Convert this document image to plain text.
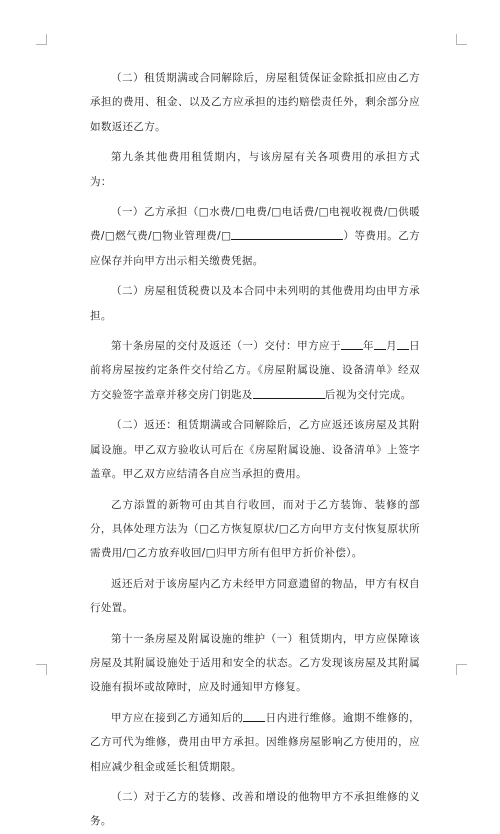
（二）租赁期满或合同解除后，房屋租赁保证金除抵扣应由乙方承担的费用、租金、以及乙方应承担的违约赔偿责任外，剩余部分应如数返还乙方。

第九条其他费用租赁期内，与该房屋有关各项费用的承担方式为：

（一）乙方承担（□水费/□电费/□电话费/□电视收视费/□供暖费/□燃气费/□物业管理费/□	）等费用。乙方应保存并向甲方出示相关缴费凭据。

（二）房屋租赁税费以及本合同中未列明的其他费用均由甲方承担。

第十条房屋的交付及返还（一）交付：甲方应于 年 月 日前将房屋按约定条件交付给乙方。《房屋附属设施、设备清单》经双方交验签字盖章并移交房门钥匙及	后视为交付完成。

（二）返还：租赁期满或合同解除后，乙方应返还该房屋及其附属设施。甲乙双方验收认可后在《房屋附属设施、设备清单》上签字盖章。甲乙双方应结清各自应当承担的费用。

乙方添置的新物可由其自行收回，而对于乙方装饰、装修的部分，具体处理方法为（□乙方恢复原状/□乙方向甲方支付恢复原状所需费用/□乙方放弃收回/□归甲方所有但甲方折价补偿）。

返还后对于该房屋内乙方未经甲方同意遗留的物品，甲方有权自行处置。

第十一条房屋及附属设施的维护（一）租赁期内，甲方应保障该房屋及其附属设施处于适用和安全的状态。乙方发现该房屋及其附属设施有损坏或故障时，应及时通知甲方修复。

甲方应在接到乙方通知后的 日内进行维修。逾期不维修的，乙方可代为维修，费用由甲方承担。因维修房屋影响乙方使用的，应相应减少租金或延长租赁期限。

（二）对于乙方的装修、改善和增设的他物甲方不承担维修的义务。
